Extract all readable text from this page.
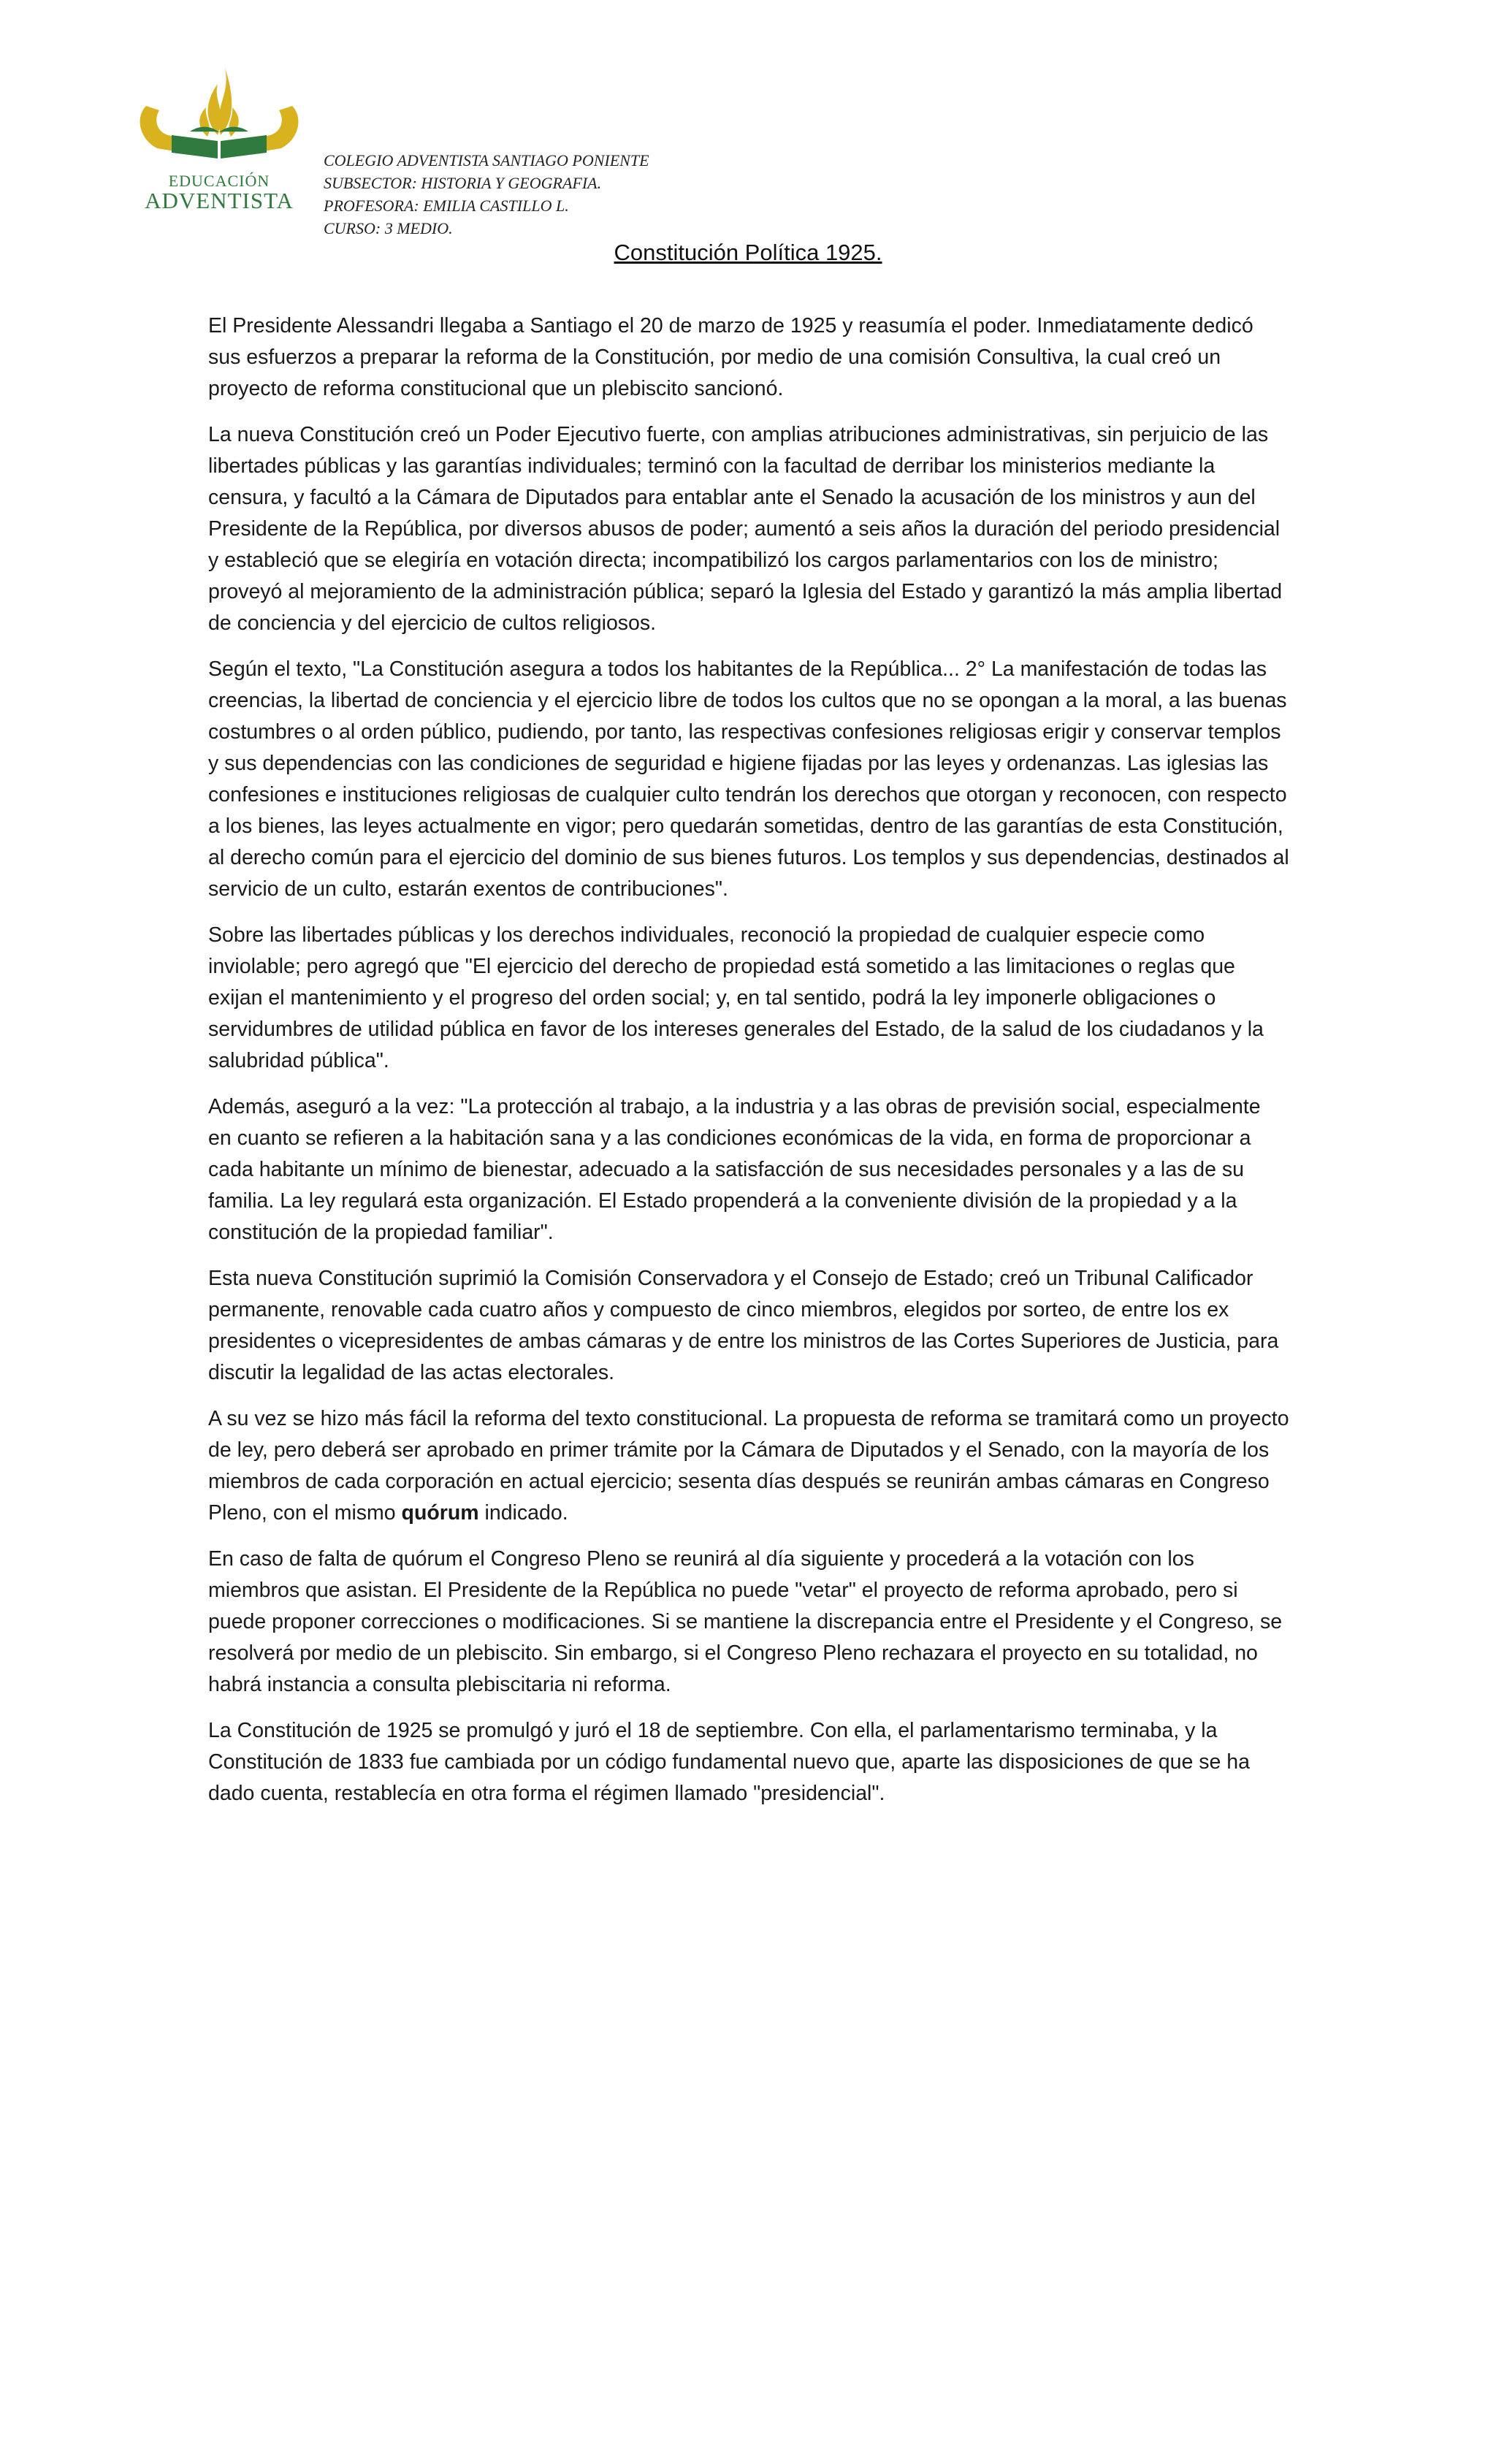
EDUCACIÓN
ADVENTISTA
COLEGIO ADVENTISTA SANTIAGO PONIENTE
SUBSECTOR: HISTORIA Y GEOGRAFIA.
PROFESORA: EMILIA CASTILLO L.
CURSO: 3 MEDIO.
Constitución Política 1925.

El Presidente Alessandri llegaba a Santiago el 20 de marzo de 1925 y reasumía el poder. Inmediatamente dedicó sus esfuerzos a preparar la reforma de la Constitución, por medio de una comisión Consultiva, la cual creó un proyecto de reforma constitucional que un plebiscito sancionó.

La nueva Constitución creó un Poder Ejecutivo fuerte, con amplias atribuciones administrativas, sin perjuicio de las libertades públicas y las garantías individuales; terminó con la facultad de derribar los ministerios mediante la censura, y facultó a la Cámara de Diputados para entablar ante el Senado la acusación de los ministros y aun del Presidente de la República, por diversos abusos de poder; aumentó a seis años la duración del periodo presidencial y estableció que se elegiría en votación directa; incompatibilizó los cargos parlamentarios con los de ministro; proveyó al mejoramiento de la administración pública; separó la Iglesia del Estado y garantizó la más amplia libertad de conciencia y del ejercicio de cultos religiosos.

Según el texto, "La Constitución asegura a todos los habitantes de la República... 2° La manifestación de todas las creencias, la libertad de conciencia y el ejercicio libre de todos los cultos que no se opongan a la moral, a las buenas costumbres o al orden público, pudiendo, por tanto, las respectivas confesiones religiosas erigir y conservar templos y sus dependencias con las condiciones de seguridad e higiene fijadas por las leyes y ordenanzas. Las iglesias las confesiones e instituciones religiosas de cualquier culto tendrán los derechos que otorgan y reconocen, con respecto a los bienes, las leyes actualmente en vigor; pero quedarán sometidas, dentro de las garantías de esta Constitución, al derecho común para el ejercicio del dominio de sus bienes futuros. Los templos y sus dependencias, destinados al servicio de un culto, estarán exentos de contribuciones".

Sobre las libertades públicas y los derechos individuales, reconoció la propiedad de cualquier especie como inviolable; pero agregó que "El ejercicio del derecho de propiedad está sometido a las limitaciones o reglas que exijan el mantenimiento y el progreso del orden social; y, en tal sentido, podrá la ley imponerle obligaciones o servidumbres de utilidad pública en favor de los intereses generales del Estado, de la salud de los ciudadanos y la salubridad pública".

Además, aseguró a la vez: "La protección al trabajo, a la industria y a las obras de previsión social, especialmente en cuanto se refieren a la habitación sana y a las condiciones económicas de la vida, en forma de proporcionar a cada habitante un mínimo de bienestar, adecuado a la satisfacción de sus necesidades personales y a las de su familia. La ley regulará esta organización. El Estado propenderá a la conveniente división de la propiedad y a la constitución de la propiedad familiar".

Esta nueva Constitución suprimió la Comisión Conservadora y el Consejo de Estado; creó un Tribunal Calificador permanente, renovable cada cuatro años y compuesto de cinco miembros, elegidos por sorteo, de entre los ex presidentes o vicepresidentes de ambas cámaras y de entre los ministros de las Cortes Superiores de Justicia, para discutir la legalidad de las actas electorales.

A su vez se hizo más fácil la reforma del texto constitucional. La propuesta de reforma se tramitará como un proyecto de ley, pero deberá ser aprobado en primer trámite por la Cámara de Diputados y el Senado, con la mayoría de los miembros de cada corporación en actual ejercicio; sesenta días después se reunirán ambas cámaras en Congreso Pleno, con el mismo quórum indicado.

En caso de falta de quórum el Congreso Pleno se reunirá al día siguiente y procederá a la votación con los miembros que asistan. El Presidente de la República no puede "vetar" el proyecto de reforma aprobado, pero si puede proponer correcciones o modificaciones. Si se mantiene la discrepancia entre el Presidente y el Congreso, se resolverá por medio de un plebiscito. Sin embargo, si el Congreso Pleno rechazara el proyecto en su totalidad, no habrá instancia a consulta plebiscitaria ni reforma.

La Constitución de 1925 se promulgó y juró el 18 de septiembre. Con ella, el parlamentarismo terminaba, y la Constitución de 1833 fue cambiada por un código fundamental nuevo que, aparte las disposiciones de que se ha dado cuenta, restablecía en otra forma el régimen llamado "presidencial".
